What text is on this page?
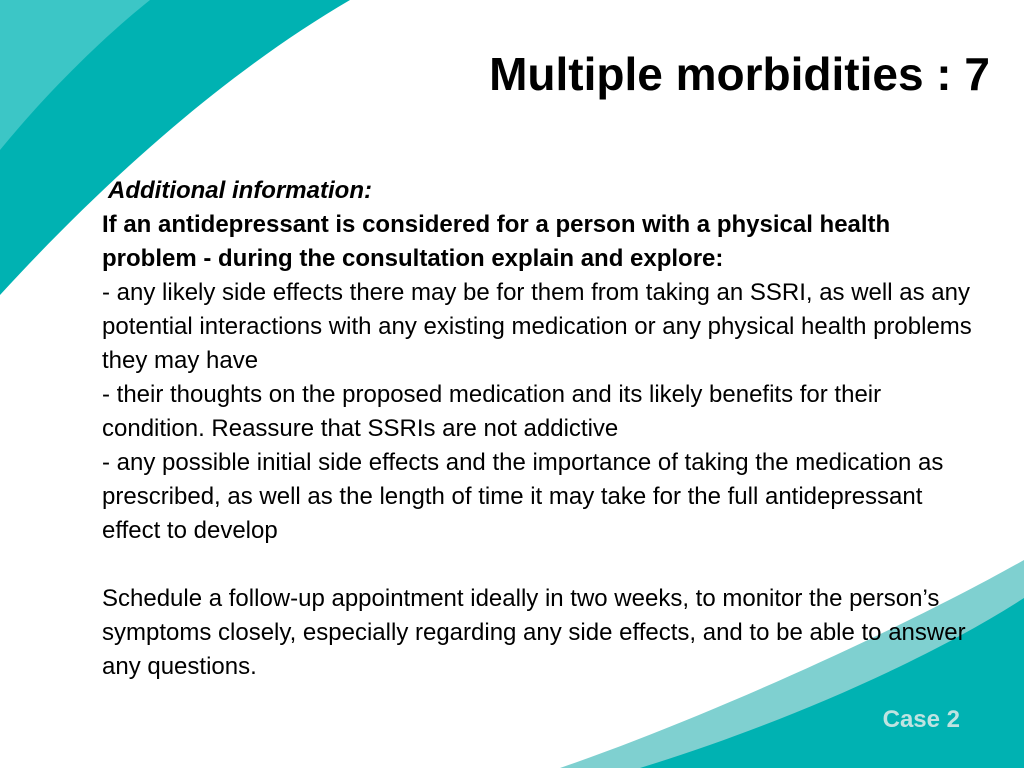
Multiple morbidities : 7

Additional information:

If an antidepressant is considered for a person with a physical health problem - during the consultation explain and explore:

- any likely side effects there may be for them from taking an SSRI, as well as any potential interactions with any existing medication or any physical health problems they may have

- their thoughts on the proposed medication and its likely benefits for their condition. Reassure that SSRIs are not addictive

- any possible initial side effects and the importance of taking the medication as prescribed, as well as the length of time it may take for the full antidepressant effect to develop

Schedule a follow-up appointment ideally in two weeks, to monitor the person’s symptoms closely, especially regarding any side effects, and to be able to answer any questions.

Case 2
